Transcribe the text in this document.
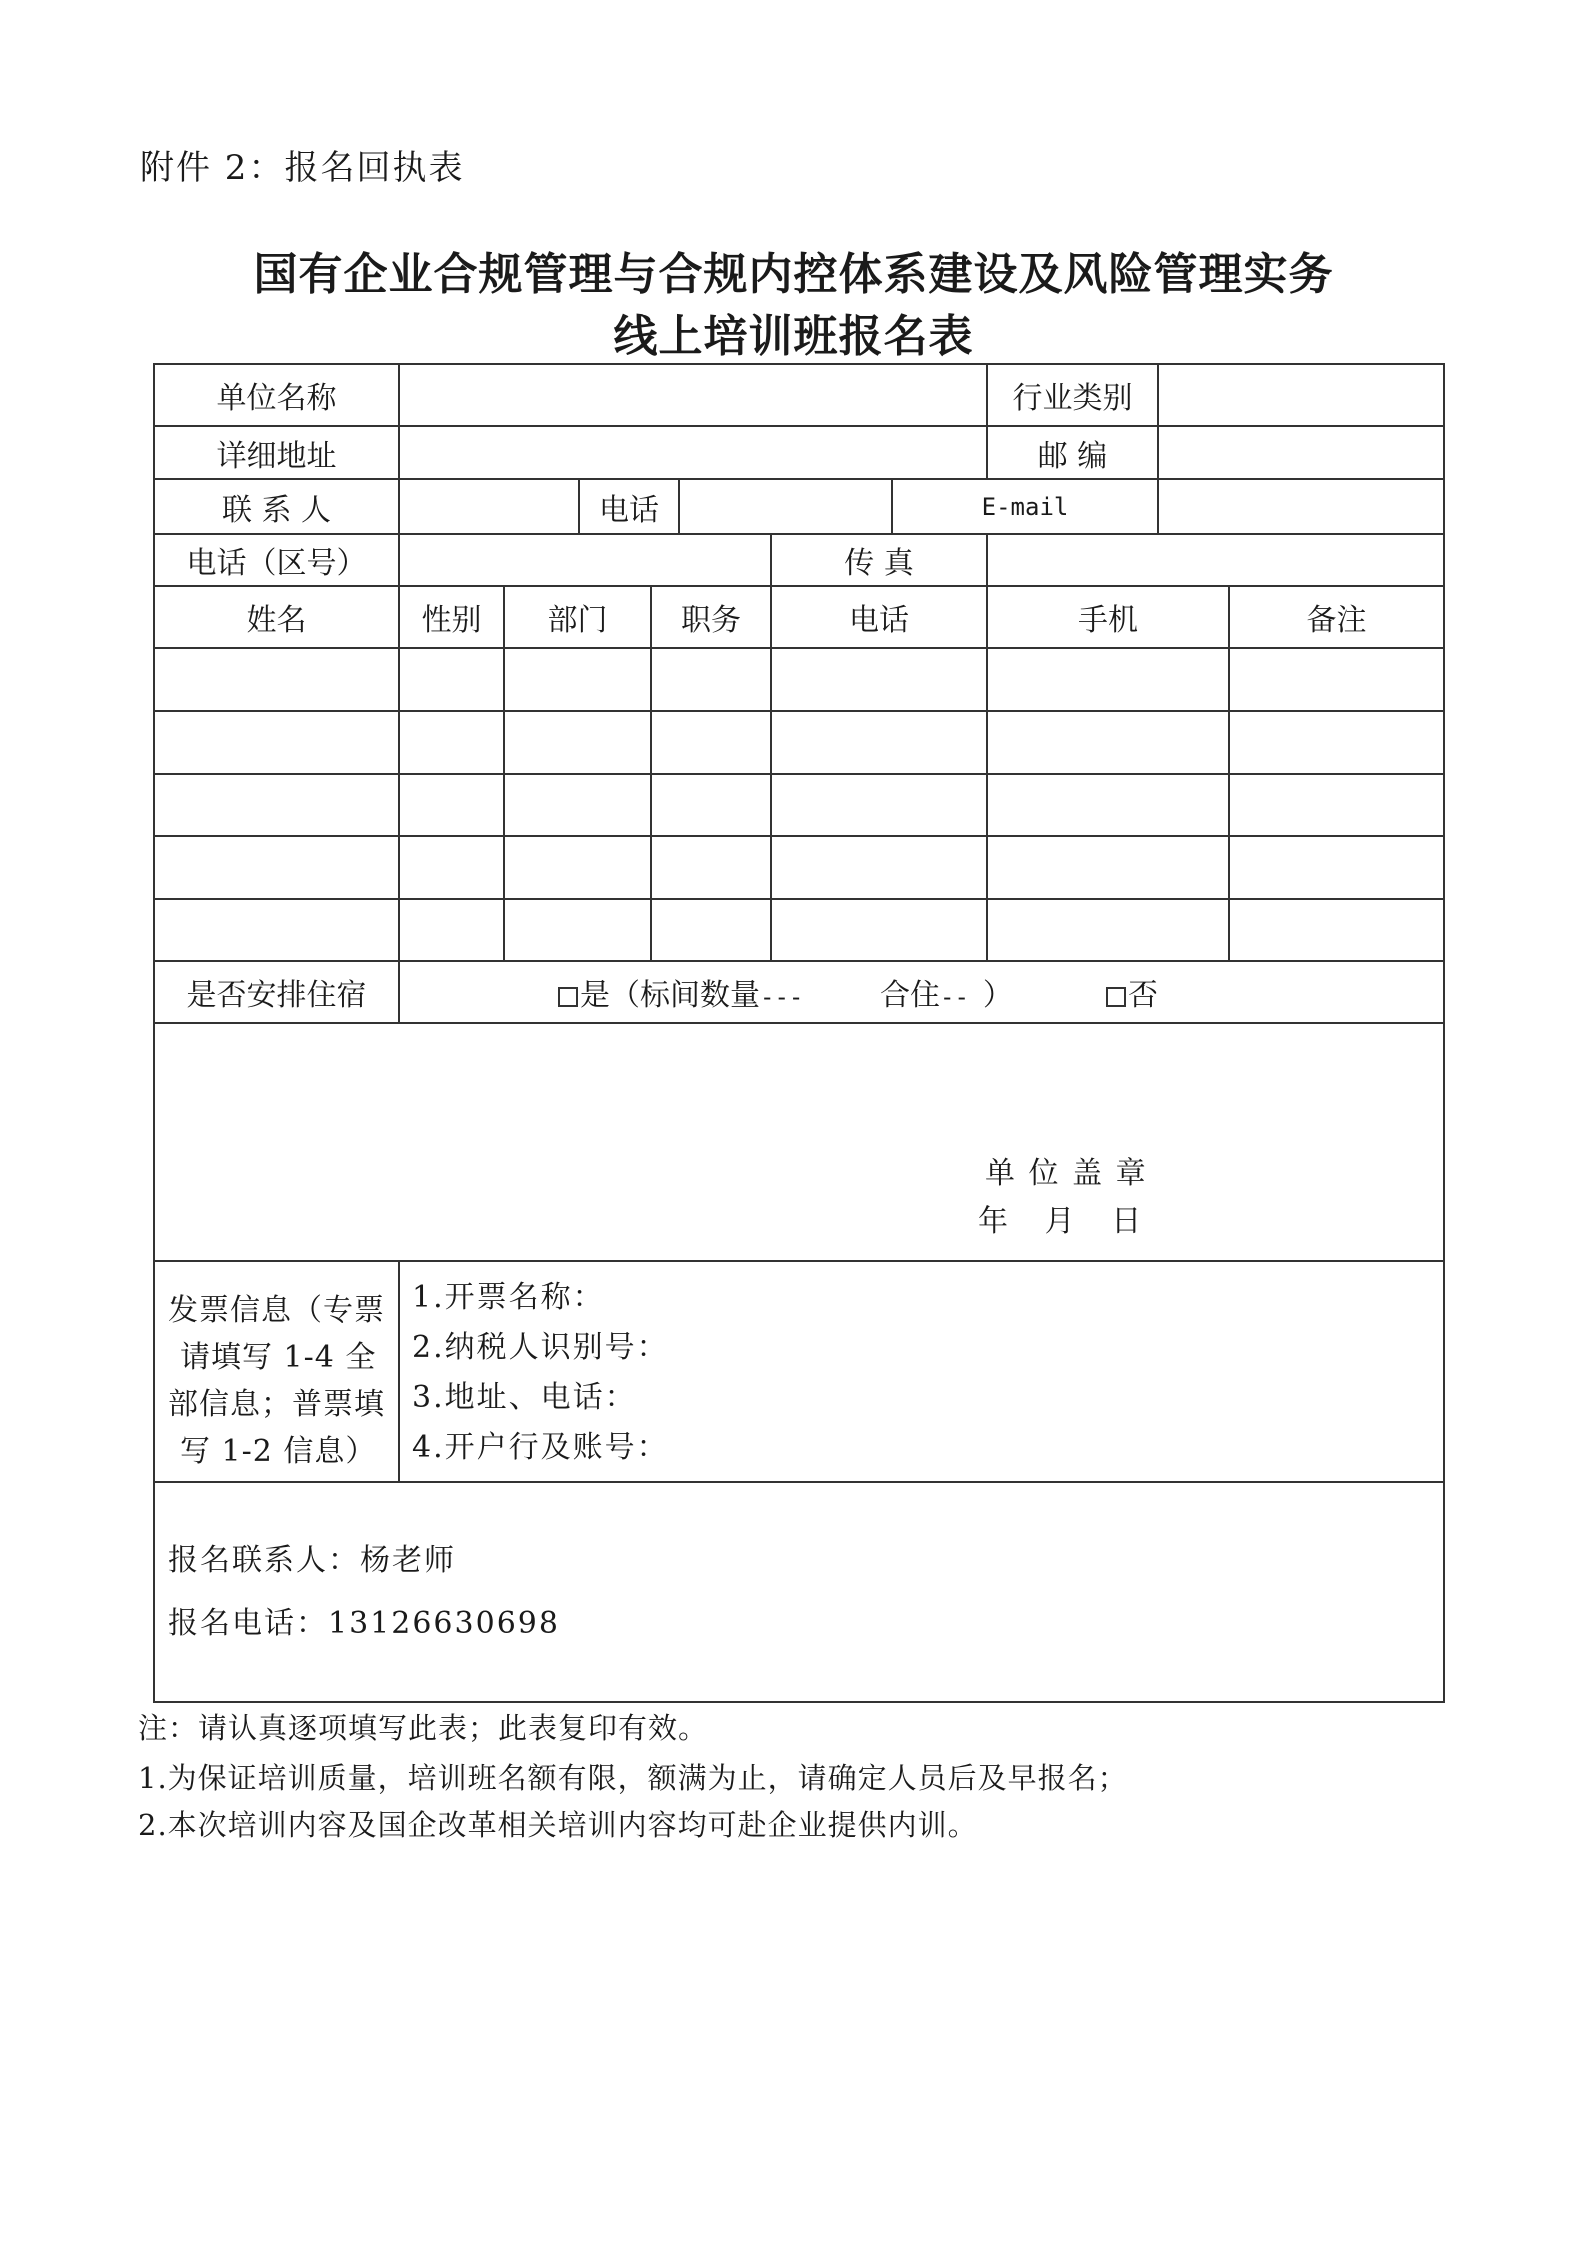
附件 2：报名回执表
国有企业合规管理与合规内控体系建设及风险管理实务
线上培训班报名表
单位名称	行业类别
详细地址	邮 编
联 系 人	电话	E-mail
电话（区号）	传 真
姓名	性别	部门	职务	电话	手机	备注
是否安排住宿	是（标间数量---	合住-- ）	否
单 位 盖 章
年   月   日
发票信息（专票
请填写 1-4 全
部信息；普票填
写 1-2 信息）
1.开票名称：
2.纳税人识别号：
3.地址、电话：
4.开户行及账号：
报名联系人：杨老师
报名电话：13126630698
注：请认真逐项填写此表；此表复印有效。
1.为保证培训质量，培训班名额有限，额满为止，请确定人员后及早报名；
2.本次培训内容及国企改革相关培训内容均可赴企业提供内训。
